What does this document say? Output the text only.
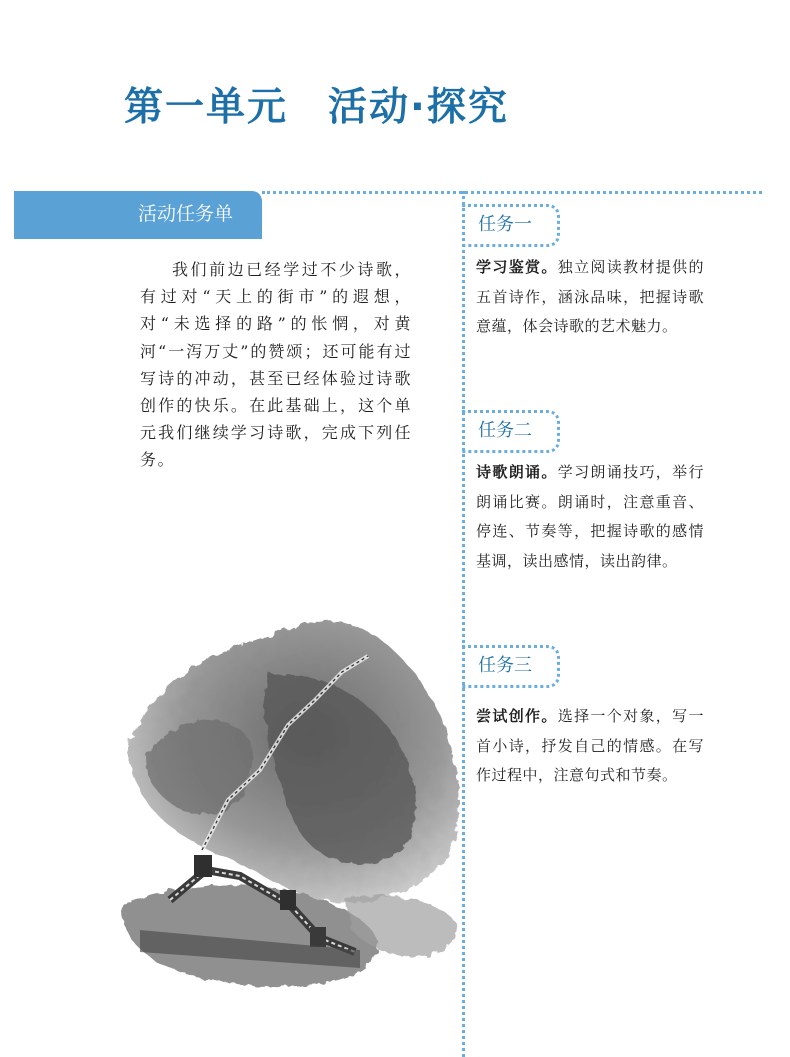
第一单元 活动·探究
活动任务单

我们前边已经学过不少诗歌，有过对“天上的街市”的遐想，对“未选择的路”的怅惘，对黄河“一泻万丈”的赞颂；还可能有过写诗的冲动，甚至已经体验过诗歌创作的快乐。在此基础上，这个单元我们继续学习诗歌，完成下列任务。

任务一

学习鉴赏。独立阅读教材提供的五首诗作，涵泳品味，把握诗歌意蕴，体会诗歌的艺术魅力。

任务二

诗歌朗诵。学习朗诵技巧，举行朗诵比赛。朗诵时，注意重音、停连、节奏等，把握诗歌的感情基调，读出感情，读出韵律。

任务三

尝试创作。选择一个对象，写一首小诗，抒发自己的情感。在写作过程中，注意句式和节奏。
